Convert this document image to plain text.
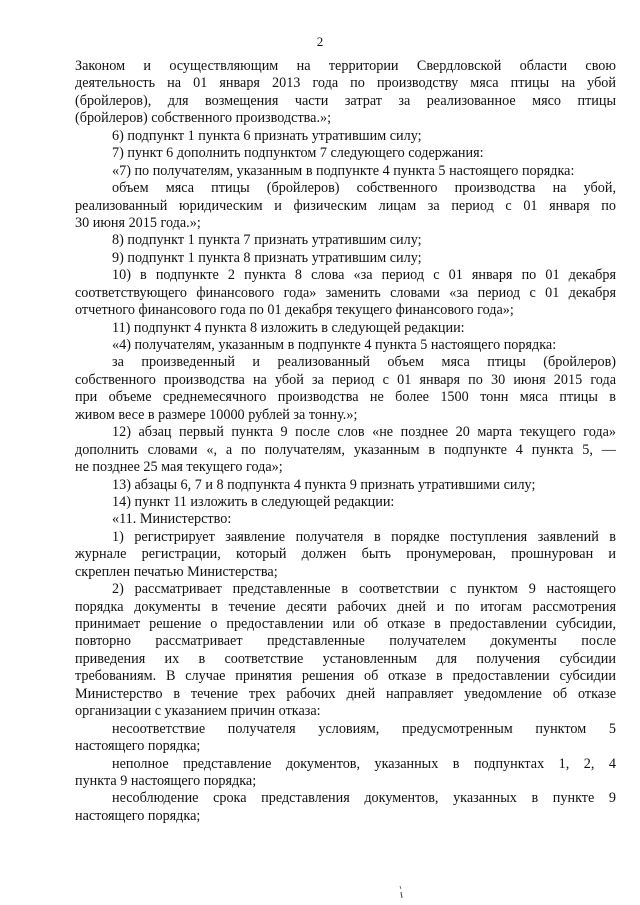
2
Законом и осуществляющим на территории Свердловской области свою
деятельность на 01 января 2013 года по производству мяса птицы на убой
(бройлеров), для возмещения части затрат за реализованное мясо птицы
(бройлеров) собственного производства.»;
6) подпункт 1 пункта 6 признать утратившим силу;
7) пункт 6 дополнить подпунктом 7 следующего содержания:
«7) по получателям, указанным в подпункте 4 пункта 5 настоящего порядка:
объем мяса птицы (бройлеров) собственного производства на убой,
реализованный юридическим и физическим лицам за период с 01 января по
30 июня 2015 года.»;
8) подпункт 1 пункта 7 признать утратившим силу;
9) подпункт 1 пункта 8 признать утратившим силу;
10) в подпункте 2 пункта 8 слова «за период с 01 января по 01 декабря
соответствующего финансового года» заменить словами «за период с 01 декабря
отчетного финансового года по 01 декабря текущего финансового года»;
11) подпункт 4 пункта 8 изложить в следующей редакции:
«4) получателям, указанным в подпункте 4 пункта 5 настоящего порядка:
за произведенный и реализованный объем мяса птицы (бройлеров)
собственного производства на убой за период с 01 января по 30 июня 2015 года
при объеме среднемесячного производства не более 1500 тонн мяса птицы в
живом весе в размере 10000 рублей за тонну.»;
12) абзац первый пункта 9 после слов «не позднее 20 марта текущего года»
дополнить словами «, а по получателям, указанным в подпункте 4 пункта 5, —
не позднее 25 мая текущего года»;
13) абзацы 6, 7 и 8 подпункта 4 пункта 9 признать утратившими силу;
14) пункт 11 изложить в следующей редакции:
«11. Министерство:
1) регистрирует заявление получателя в порядке поступления заявлений в
журнале регистрации, который должен быть пронумерован, прошнурован и
скреплен печатью Министерства;
2) рассматривает представленные в соответствии с пунктом 9 настоящего
порядка документы в течение десяти рабочих дней и по итогам рассмотрения
принимает решение о предоставлении или об отказе в предоставлении субсидии,
повторно рассматривает представленные получателем документы после
приведения их в соответствие установленным для получения субсидии
требованиям. В случае принятия решения об отказе в предоставлении субсидии
Министерство в течение трех рабочих дней направляет уведомление об отказе
организации с указанием причин отказа:
несоответствие получателя условиям, предусмотренным пунктом 5
настоящего порядка;
неполное представление документов, указанных в подпунктах 1, 2, 4
пункта 9 настоящего порядка;
несоблюдение срока представления документов, указанных в пункте 9
настоящего порядка;
